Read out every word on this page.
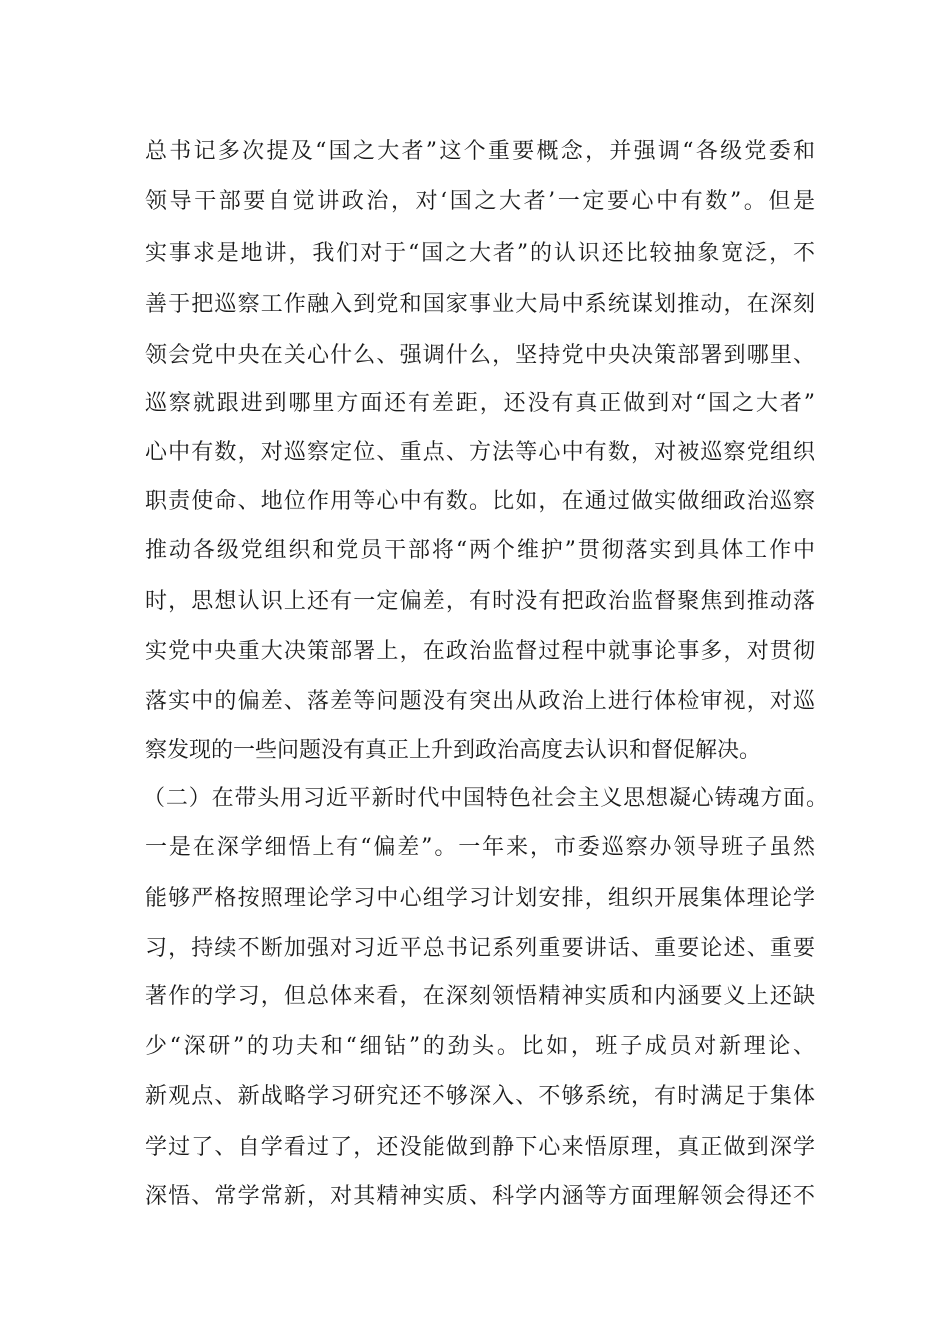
总书记多次提及“国之大者”这个重要概念，并强调“各级党委和
领导干部要自觉讲政治，对‘国之大者’一定要心中有数”。但是
实事求是地讲，我们对于“国之大者”的认识还比较抽象宽泛，不
善于把巡察工作融入到党和国家事业大局中系统谋划推动，在深刻
领会党中央在关心什么、强调什么，坚持党中央决策部署到哪里、
巡察就跟进到哪里方面还有差距，还没有真正做到对“国之大者”
心中有数，对巡察定位、重点、方法等心中有数，对被巡察党组织
职责使命、地位作用等心中有数。比如，在通过做实做细政治巡察
推动各级党组织和党员干部将“两个维护”贯彻落实到具体工作中
时，思想认识上还有一定偏差，有时没有把政治监督聚焦到推动落
实党中央重大决策部署上，在政治监督过程中就事论事多，对贯彻
落实中的偏差、落差等问题没有突出从政治上进行体检审视，对巡
察发现的一些问题没有真正上升到政治高度去认识和督促解决。
（二）在带头用习近平新时代中国特色社会主义思想凝心铸魂方面。
一是在深学细悟上有“偏差”。一年来，市委巡察办领导班子虽然
能够严格按照理论学习中心组学习计划安排，组织开展集体理论学
习，持续不断加强对习近平总书记系列重要讲话、重要论述、重要
著作的学习，但总体来看，在深刻领悟精神实质和内涵要义上还缺
少“深研”的功夫和“细钻”的劲头。比如，班子成员对新理论、
新观点、新战略学习研究还不够深入、不够系统，有时满足于集体
学过了、自学看过了，还没能做到静下心来悟原理，真正做到深学
深悟、常学常新，对其精神实质、科学内涵等方面理解领会得还不
